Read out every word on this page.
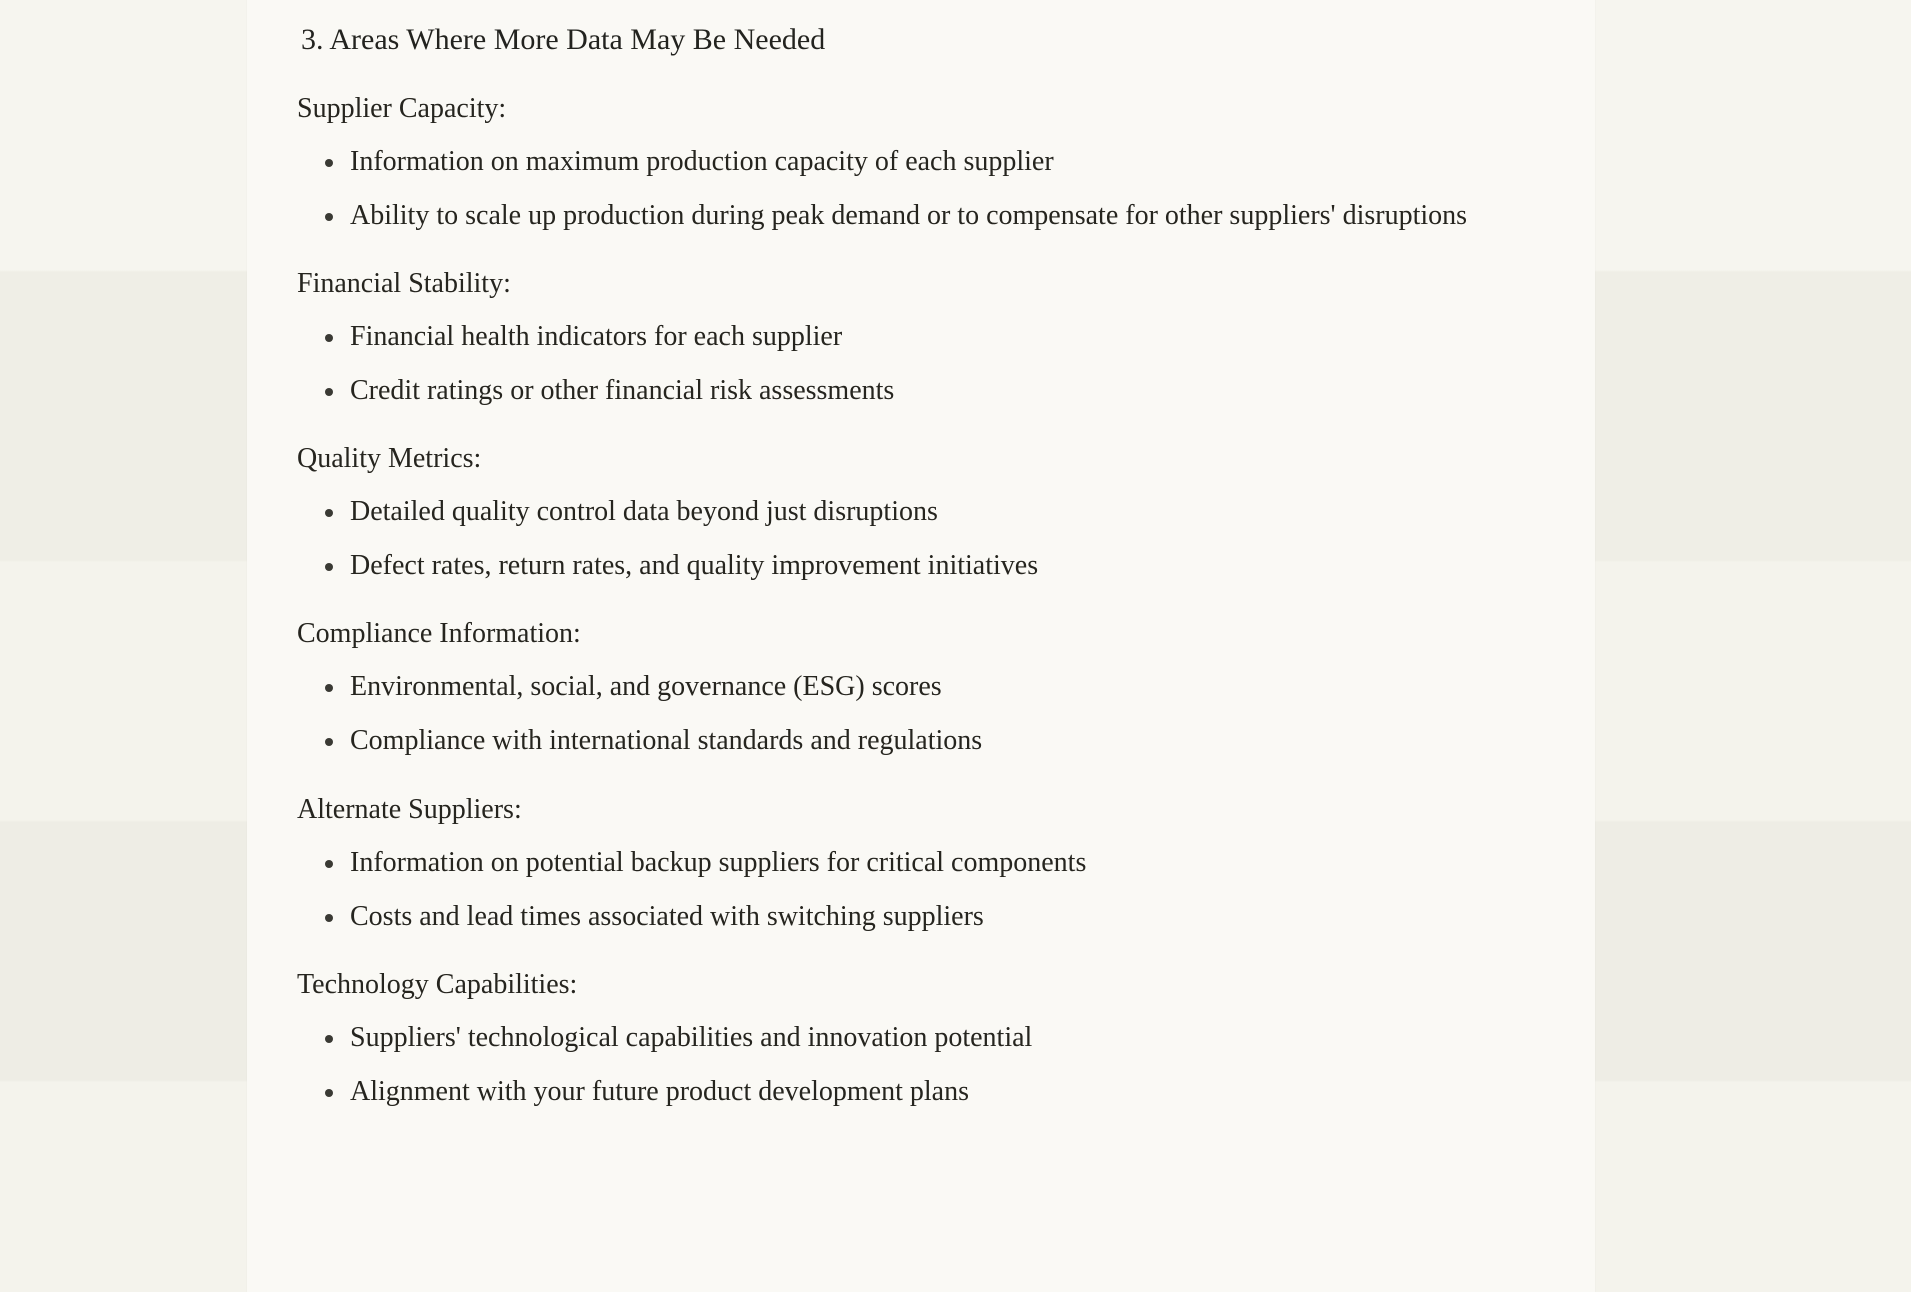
3. Areas Where More Data May Be Needed
Supplier Capacity:
Information on maximum production capacity of each supplier
Ability to scale up production during peak demand or to compensate for other suppliers' disruptions
Financial Stability:
Financial health indicators for each supplier
Credit ratings or other financial risk assessments
Quality Metrics:
Detailed quality control data beyond just disruptions
Defect rates, return rates, and quality improvement initiatives
Compliance Information:
Environmental, social, and governance (ESG) scores
Compliance with international standards and regulations
Alternate Suppliers:
Information on potential backup suppliers for critical components
Costs and lead times associated with switching suppliers
Technology Capabilities:
Suppliers' technological capabilities and innovation potential
Alignment with your future product development plans
